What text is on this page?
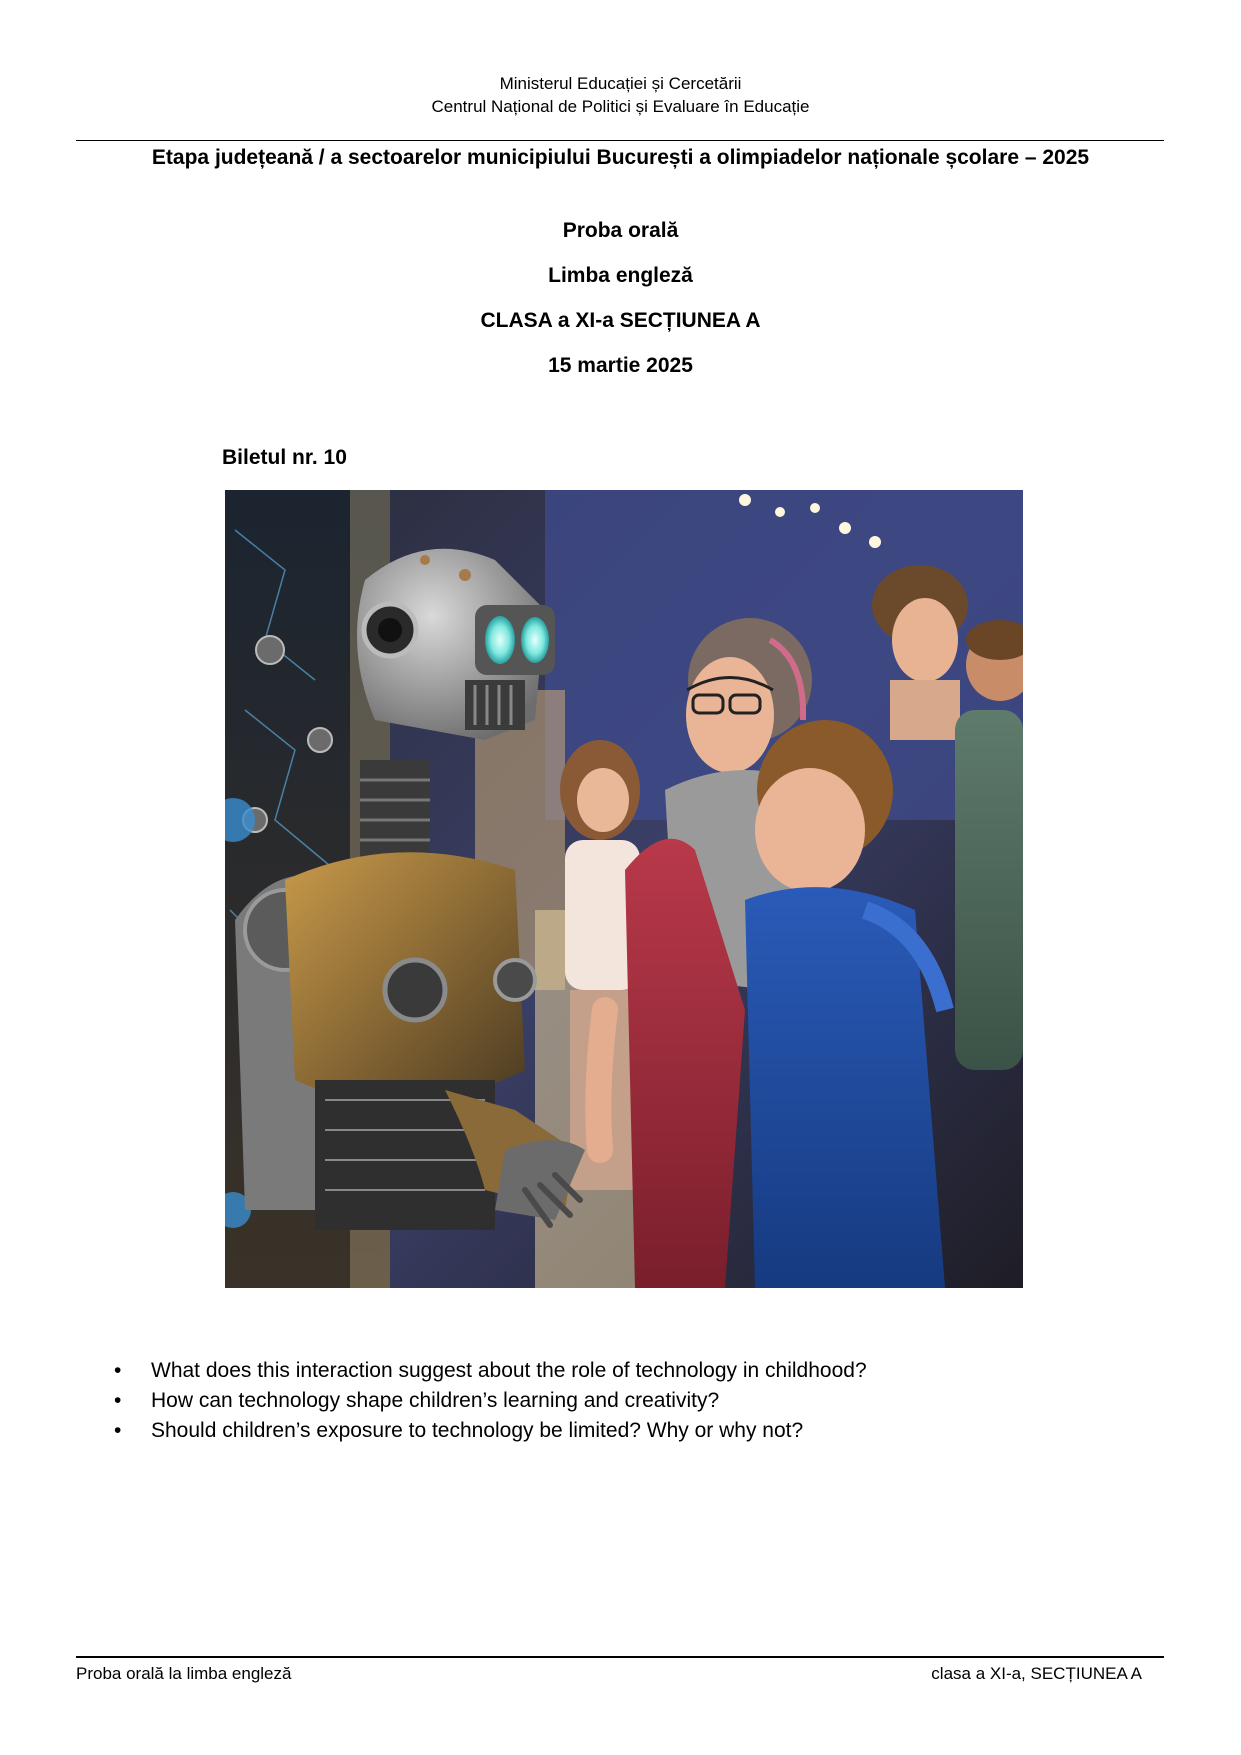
Ministerul Educației și Cercetării
Centrul Național de Politici și Evaluare în Educație
Etapa județeană / a sectoarelor municipiului București a olimpiadelor naționale școlare – 2025
Proba orală
Limba engleză
CLASA a XI-a SECȚIUNEA A
15 martie 2025
Biletul nr. 10
• What does this interaction suggest about the role of technology in childhood?
• How can technology shape children’s learning and creativity?
• Should children’s exposure to technology be limited? Why or why not?
Proba orală la limba engleză	clasa a XI-a, SECȚIUNEA A
